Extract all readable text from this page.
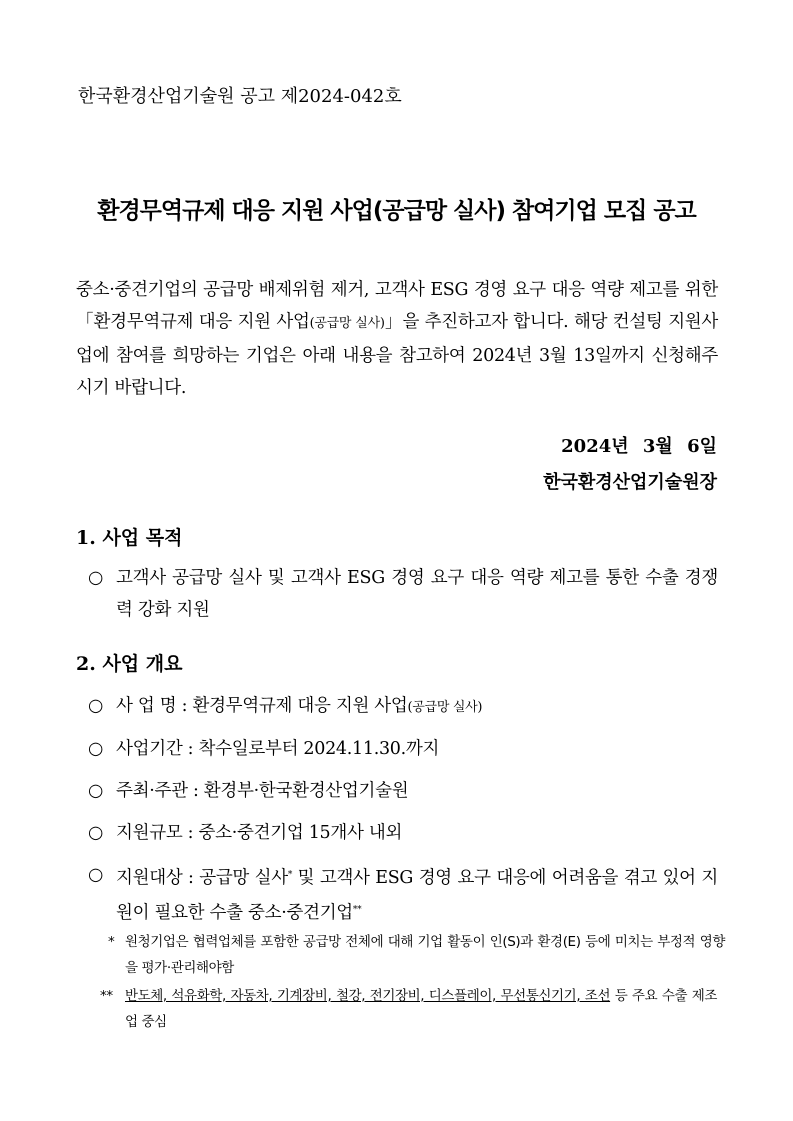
한국환경산업기술원 공고 제2024-042호
환경무역규제 대응 지원 사업(공급망 실사) 참여기업 모집 공고
중소·중견기업의 공급망 배제위험 제거, 고객사 ESG 경영 요구 대응 역량 제고를 위한「환경무역규제 대응 지원 사업(공급망 실사)」을 추진하고자 합니다. 해당 컨설팅 지원사업에 참여를 희망하는 기업은 아래 내용을 참고하여 2024년 3월 13일까지 신청해주시기 바랍니다.
2024년 3월 6일
한국환경산업기술원장
1. 사업 목적
○ 고객사 공급망 실사 및 고객사 ESG 경영 요구 대응 역량 제고를 통한 수출 경쟁력 강화 지원
2. 사업 개요
○ 사 업 명 : 환경무역규제 대응 지원 사업(공급망 실사)
○ 사업기간 : 착수일로부터 2024.11.30.까지
○ 주최·주관 : 환경부·한국환경산업기술원
○ 지원규모 : 중소·중견기업 15개사 내외
○ 지원대상 : 공급망 실사* 및 고객사 ESG 경영 요구 대응에 어려움을 겪고 있어 지원이 필요한 수출 중소·중견기업**
* 원청기업은 협력업체를 포함한 공급망 전체에 대해 기업 활동이 인(S)과 환경(E) 등에 미치는 부정적 영향을 평가·관리해야함
** 반도체, 석유화학, 자동차, 기계장비, 철강, 전기장비, 디스플레이, 무선통신기기, 조선 등 주요 수출 제조업 중심
